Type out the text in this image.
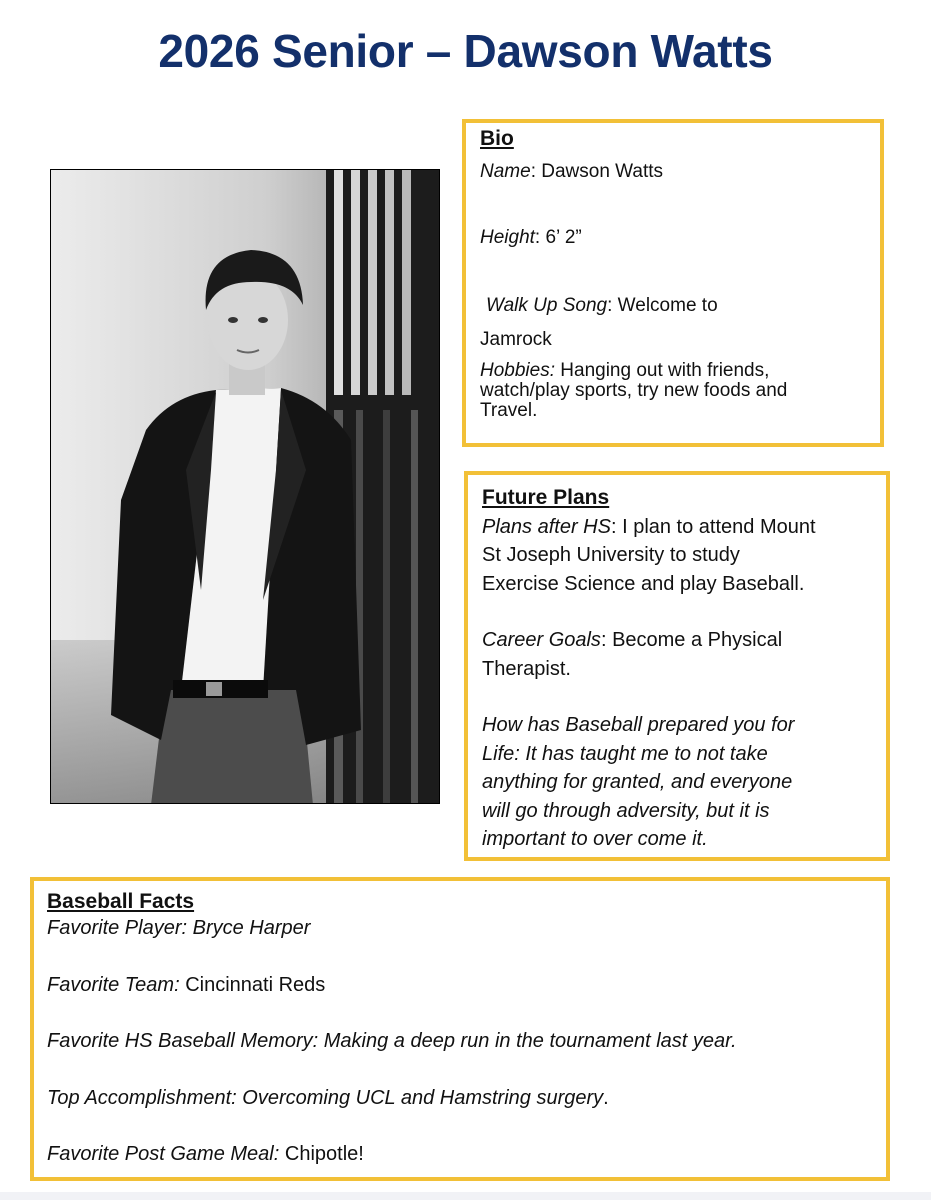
2026 Senior – Dawson Watts
Bio

Name: Dawson Watts

Height: 6’ 2”

Walk Up Song: Welcome to

Jamrock

Hobbies: Hanging out with friends,
watch/play sports, try new foods and
Travel.

Future Plans

Plans after HS: I plan to attend Mount
St Joseph University to study
Exercise Science and play Baseball.

Career Goals: Become a Physical
Therapist.

How has Baseball prepared you for
Life: It has taught me to not take
anything for granted, and everyone
will go through adversity, but it is
important to over come it.

Baseball Facts

Favorite Player: Bryce Harper

Favorite Team: Cincinnati Reds

Favorite HS Baseball Memory: Making a deep run in the tournament last year.

Top Accomplishment: Overcoming UCL and Hamstring surgery.

Favorite Post Game Meal: Chipotle!
